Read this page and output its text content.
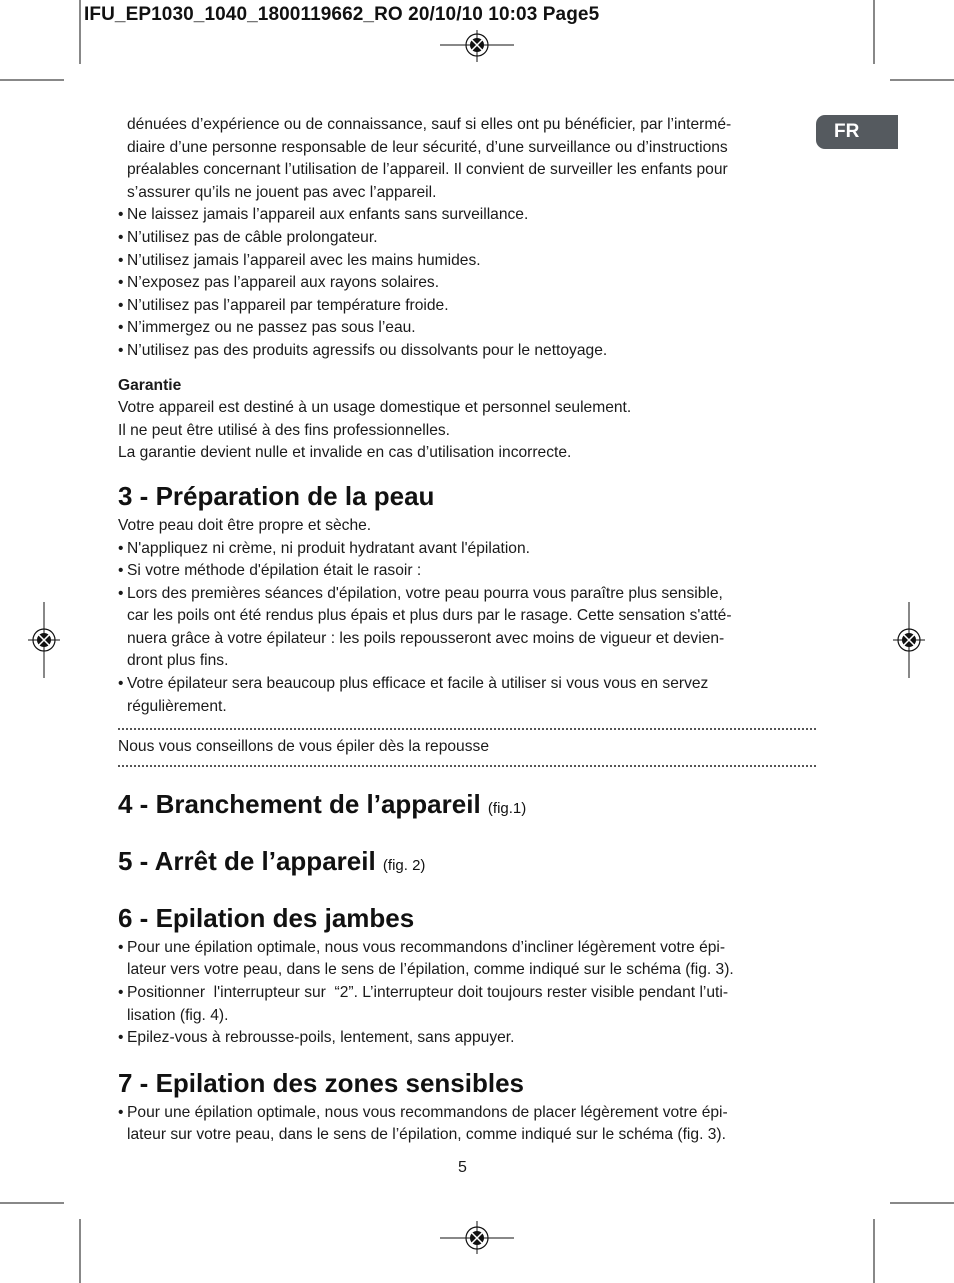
IFU_EP1030_1040_1800119662_RO 20/10/10 10:03 Page5
FR

dénuées d’expérience ou de connaissance, sauf si elles ont pu bénéficier, par l’intermé-

diaire d’une personne responsable de leur sécurité, d’une surveillance ou d’instructions

préalables concernant l’utilisation de l’appareil. Il convient de surveiller les enfants pour

s’assurer qu’ils ne jouent pas avec l’appareil.

• Ne laissez jamais l’appareil aux enfants sans surveillance.

• N’utilisez pas de câble prolongateur.

• N’utilisez jamais l’appareil avec les mains humides.

• N’exposez pas l’appareil aux rayons solaires.

• N’utilisez pas l’appareil par température froide.

• N’immergez ou ne passez pas sous l’eau.

• N’utilisez pas des produits agressifs ou dissolvants pour le nettoyage.

Garantie

Votre appareil est destiné à un usage domestique et personnel seulement.

Il ne peut être utilisé à des fins professionnelles.

La garantie devient nulle et invalide en cas d’utilisation incorrecte.

3 - Préparation de la peau

Votre peau doit être propre et sèche.

• N'appliquez ni crème, ni produit hydratant avant l'épilation.

• Si votre méthode d'épilation était le rasoir :

• Lors des premières séances d'épilation, votre peau pourra vous paraître plus sensible,
car les poils ont été rendus plus épais et plus durs par le rasage. Cette sensation s'atté-
nuera grâce à votre épilateur : les poils repousseront avec moins de vigueur et devien-
dront plus fins.
• Votre épilateur sera beaucoup plus efficace et facile à utiliser si vous vous en servez
régulièrement.

Nous vous conseillons de vous épiler dès la repousse

4 - Branchement de l’appareil (fig.1)
5 - Arrêt de l’appareil (fig. 2)
6 - Epilation des jambes
• Pour une épilation optimale, nous vous recommandons d’incliner légèrement votre épi-
lateur vers votre peau, dans le sens de l’épilation, comme indiqué sur le schéma (fig. 3).
• Positionner  l'interrupteur sur  “2”. L’interrupteur doit toujours rester visible pendant l’uti-
lisation (fig. 4).

• Epilez-vous à rebrousse-poils, lentement, sans appuyer.

7 - Epilation des zones sensibles
• Pour une épilation optimale, nous vous recommandons de placer légèrement votre épi-
lateur sur votre peau, dans le sens de l’épilation, comme indiqué sur le schéma (fig. 3).
5
